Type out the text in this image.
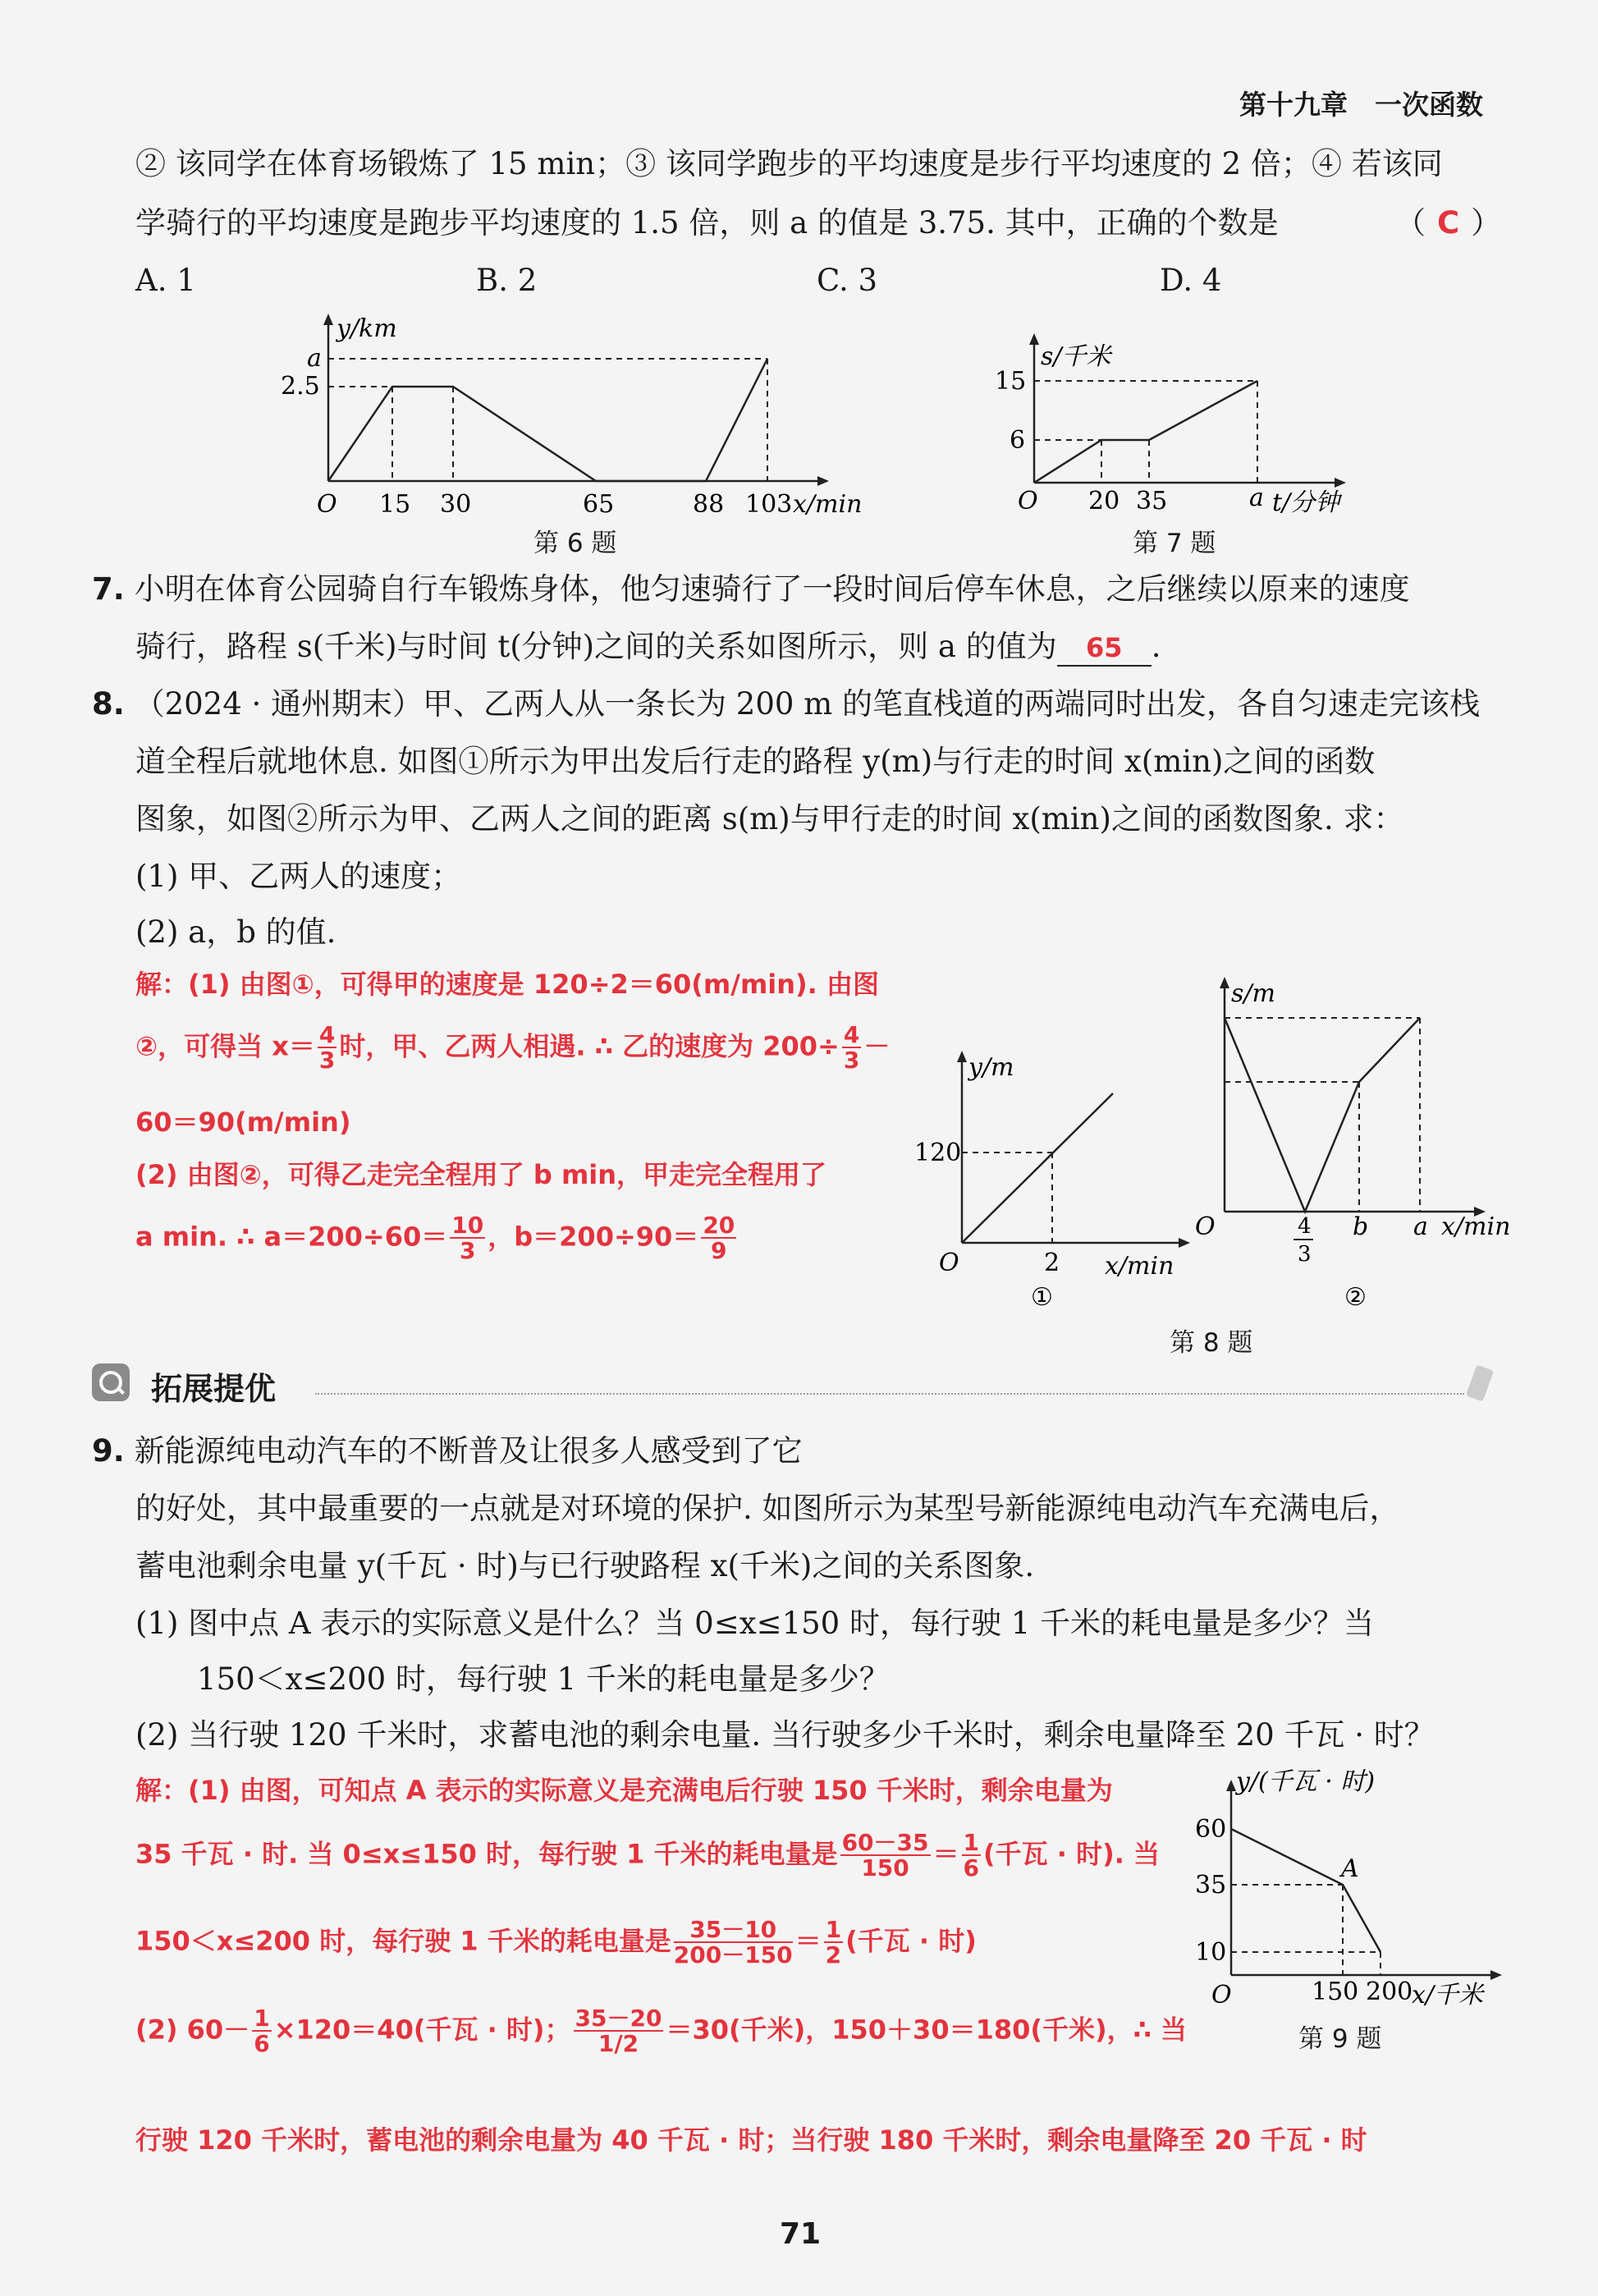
第十九章　一次函数
② 该同学在体育场锻炼了 15 min；③ 该同学跑步的平均速度是步行平均速度的 2 倍；④ 若该同
学骑行的平均速度是跑步平均速度的 1.5 倍，则 a 的值是 3.75. 其中，正确的个数是	（ C ）
A. 1	B. 2	C. 3	D. 4
y/km
a
2.5
O 15 30	65	88 103 x/min
第 6 题
s/千米
15
6
O 20 35	a t/分钟
第 7 题
7. 小明在体育公园骑自行车锻炼身体，他匀速骑行了一段时间后停车休息，之后继续以原来的速度
骑行，路程 s(千米)与时间 t(分钟)之间的关系如图所示，则 a 的值为 65 .
8. （2024 · 通州期末）甲、乙两人从一条长为 200 m 的笔直栈道的两端同时出发，各自匀速走完该栈
道全程后就地休息. 如图①所示为甲出发后行走的路程 y(m)与行走的时间 x(min)之间的函数
图象，如图②所示为甲、乙两人之间的距离 s(m)与甲行走的时间 x(min)之间的函数图象. 求：
(1) 甲、乙两人的速度；
(2) a，b 的值.
解：(1) 由图①，可得甲的速度是 120÷2＝60(m/min). 由图
②，可得当 $x= \frac{4}{3}$ 时，甲、乙两人相遇. ∴ 乙的速度为 $200\div \frac{4}{3}$ －
60＝90(m/min)
(2) 由图②，可得乙走完全程用了 b min，甲走完全程用了
a min. ∴ $a=200\div 60= \frac{10}{3}$ ，$b=200\div 90= \frac{20}{9}$
y/m
120
O	2 x/min
①
s/m
O	4
3
b a x/min
②
第 8 题
拓展提优
9. 新能源纯电动汽车的不断普及让很多人感受到了它
的好处，其中最重要的一点就是对环境的保护. 如图所示为某型号新能源纯电动汽车充满电后，
蓄电池剩余电量 y(千瓦 · 时)与已行驶路程 x(千米)之间的关系图象.
(1) 图中点 A 表示的实际意义是什么？当 0≤x≤150 时，每行驶 1 千米的耗电量是多少？当
150＜x≤200 时，每行驶 1 千米的耗电量是多少？
(2) 当行驶 120 千米时，求蓄电池的剩余电量. 当行驶多少千米时，剩余电量降至 20 千瓦 · 时？
解：(1) 由图，可知点 A 表示的实际意义是充满电后行驶 150 千米时，剩余电量为
35 千瓦 · 时. 当 0≤x≤150 时，每行驶 1 千米的耗电量是 $\frac{60-35}{150} = \frac{1}{6}$ (千瓦 · 时). 当
150＜x≤200 时，每行驶 1 千米的耗电量是 $\frac{35-10}{200-150} = \frac{1}{2}$ (千瓦 · 时)
(2) $60- \frac{1}{6} \times 120=40$(千瓦 · 时)； $\frac{35-20}{1/2} =30$(千米)，150＋30＝180(千米)，∴ 当
行驶 120 千米时，蓄电池的剩余电量为 40 千瓦 · 时；当行驶 180 千米时，剩余电量降至 20 千瓦 · 时
y/(千瓦 · 时)
60
35
10
O	150 200
x/千米
A
第 9 题
71
